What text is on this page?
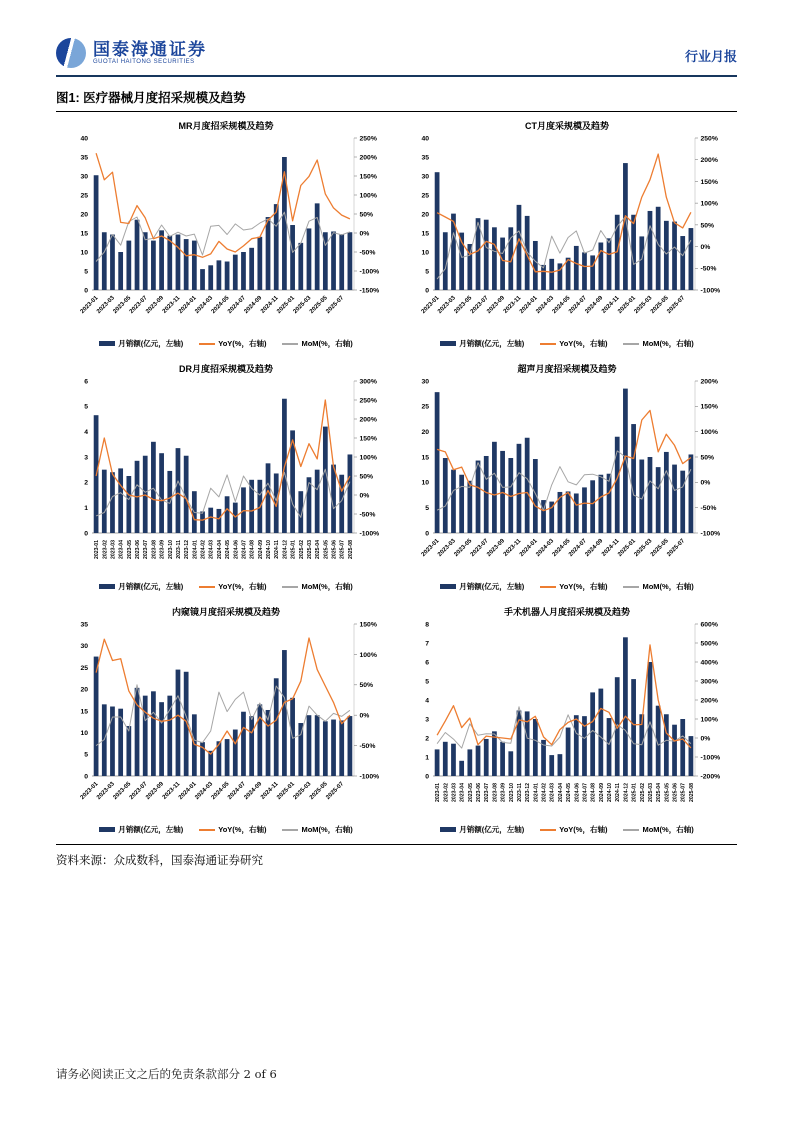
国泰海通证券
GUOTAI HAITONG SECURITIES	行业月报
图1: 医疗器械月度招采规模及趋势
MR月度招采规模及趋势
0
5
10
15
20
25
30
35
40
-150%
-100%
-50%
0%
50%
100%
150%
200%
250%
2023-01
2023-03
2023-05
2023-07
2023-09
2023-11
2024-01
2024-03
2024-05
2024-07
2024-09
2024-11
2025-01
2025-03
2025-05
2025-07
月销额(亿元，左轴)	YoY(%，右轴)	MoM(%，右轴)
CT月度采规模及趋势
0
5
10
15
20
25
30
35
40
-100%
-50%
0%
50%
100%
150%
200%
250%
2023-01
2023-03
2023-05
2023-07
2023-09
2023-11
2024-01
2024-03
2024-05
2024-07
2024-09
2024-11
2025-01
2025-03
2025-05
2025-07
月销额(亿元，左轴)	YoY(%，右轴)	MoM(%，右轴)
DR月度招采规模及趋势
0
1
2
3
4
5
6
-100%
-50%
0%
50%
100%
150%
200%
250%
300%
2023-01 2023-02 2023-03 2023-04 2023-05 2023-06 2023-07 2023-08 2023-09 2023-10 2023-11 2023-12 2024-01 2024-02 2024-03 2024-04 2024-05 2024-06 2024-07 2024-08 2024-09 2024-10 2024-11 2024-12 2025-01 2025-02 2025-03 2025-04 2025-05 2025-06 2025-07 2025-08
月销额(亿元，左轴)	YoY(%，右轴)	MoM(%，右轴)
超声月度招采规模及趋势
0
5
10
15
20
25
30
-100%
-50%
0%
50%
100%
150%
200%
2023-01
2023-03
2023-05
2023-07
2023-09
2023-11
2024-01
2024-03
2024-05
2024-07
2024-09
2024-11
2025-01
2025-03
2025-05
2025-07
月销额(亿元，左轴)	YoY(%，右轴)	MoM(%，右轴)
内窥镜月度招采规模及趋势
0
5
10
15
20
25
30
35
-100%
-50%
0%
50%
100%
150%
2023-01
2023-03
2023-05
2023-07
2023-09
2023-11
2024-01
2024-03
2024-05
2024-07
2024-09
2024-11
2025-01
2025-03
2025-05
2025-07
月销额(亿元，左轴)	YoY(%，右轴)	MoM(%，右轴)
手术机器人月度招采规模及趋势
0
1
2
3
4
5
6
7
8
-200%
-100%
0%
100%
200%
300%
400%
500%
600%
2023-01 2023-02 2023-03 2023-04 2023-05 2023-06 2023-07 2023-08 2023-09 2023-10 2023-11 2023-12 2024-01 2024-02 2024-03 2024-04 2024-05 2024-06 2024-07 2024-08 2024-09 2024-10 2024-11 2024-12 2025-01 2025-02 2025-03 2025-04 2025-05 2025-06 2025-07 2025-08
月销额(亿元，左轴)	YoY(%，右轴)	MoM(%，右轴)
资料来源：众成数科，国泰海通证券研究
请务必阅读正文之后的免责条款部分 2 of 6
